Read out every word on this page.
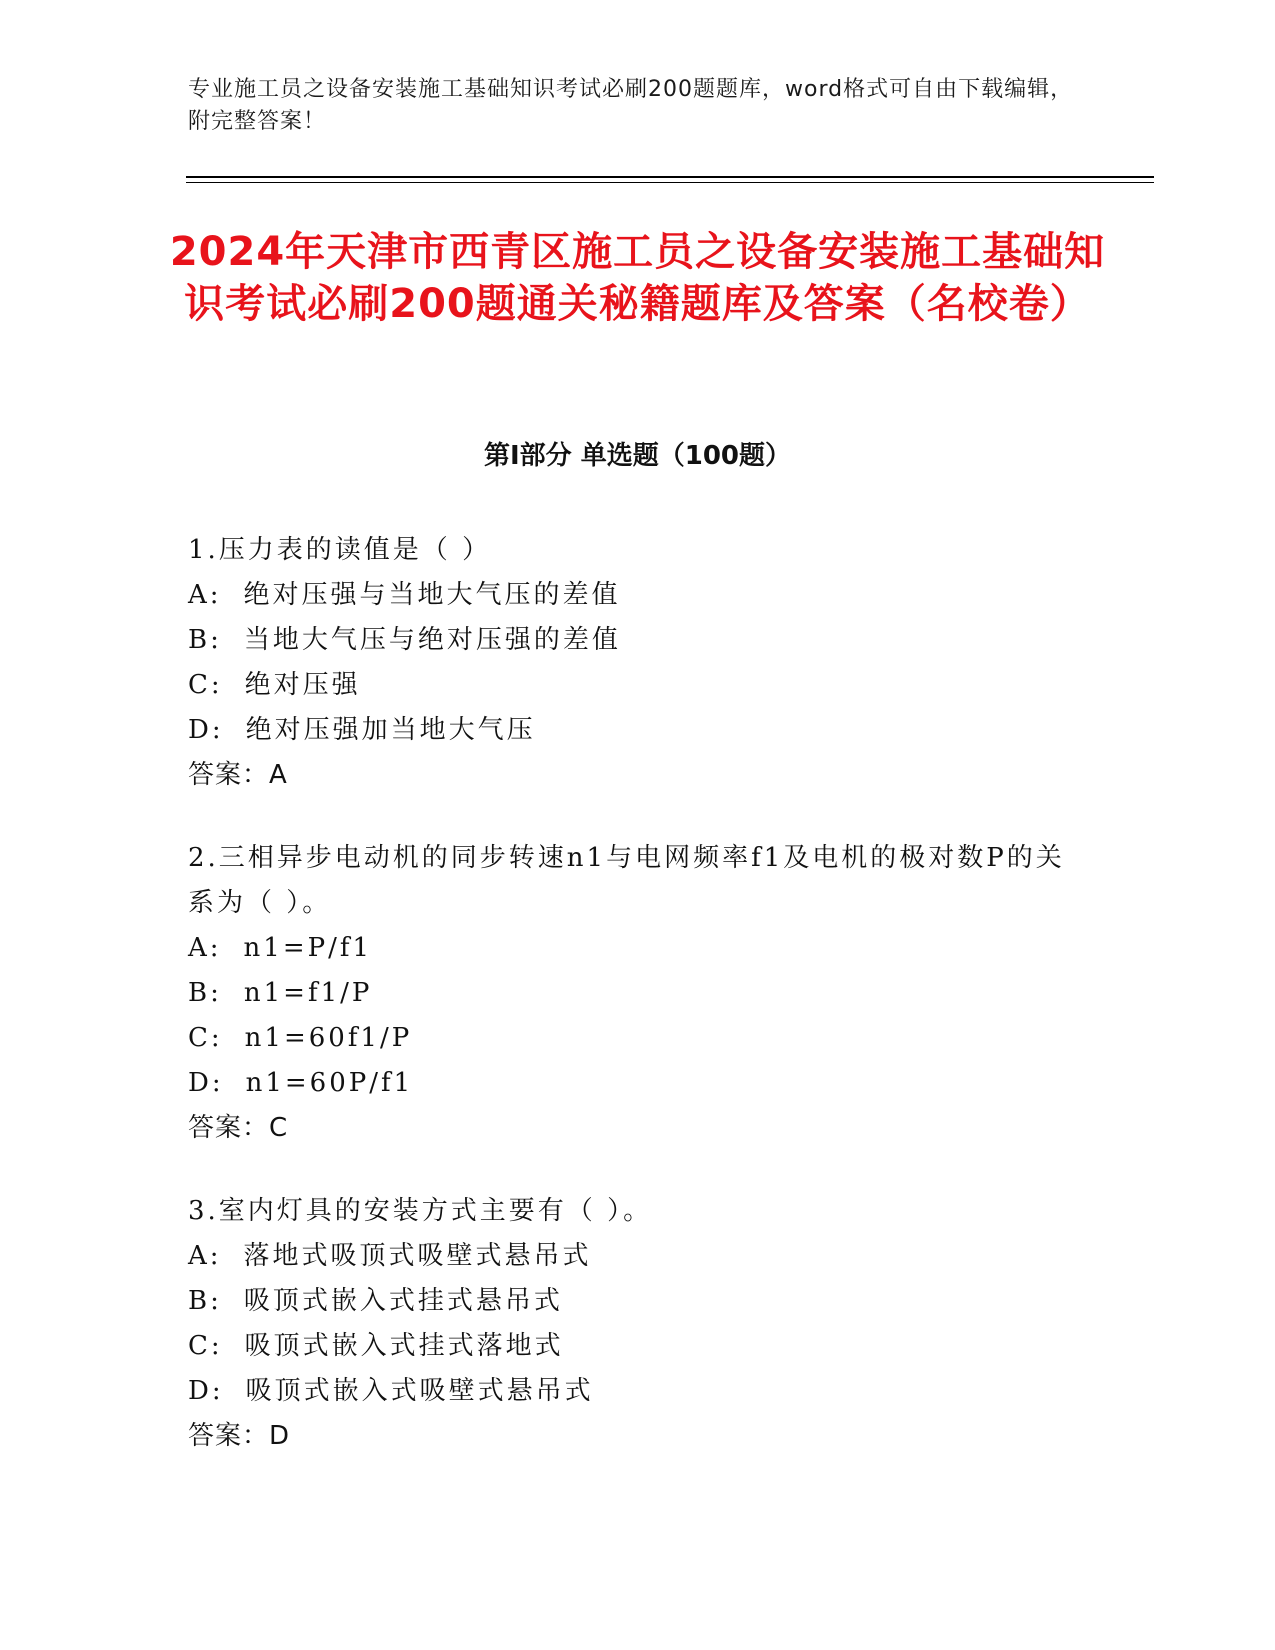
专业施工员之设备安装施工基础知识考试必刷200题题库，word格式可自由下载编辑，附完整答案！
2024年天津市西青区施工员之设备安装施工基础知识考试必刷200题通关秘籍题库及答案（名校卷）
第Ⅰ部分 单选题（100题）
1.压力表的读值是（ ）
A: 绝对压强与当地大气压的差值
B: 当地大气压与绝对压强的差值
C: 绝对压强
D: 绝对压强加当地大气压
答案：A
2.三相异步电动机的同步转速n1与电网频率f1及电机的极对数P的关系为（ ）。
A: n1=P/f1
B: n1=f1/P
C: n1=60f1/P
D: n1=60P/f1
答案：C
3.室内灯具的安装方式主要有（ ）。
A: 落地式吸顶式吸壁式悬吊式
B: 吸顶式嵌入式挂式悬吊式
C: 吸顶式嵌入式挂式落地式
D: 吸顶式嵌入式吸壁式悬吊式
答案：D
